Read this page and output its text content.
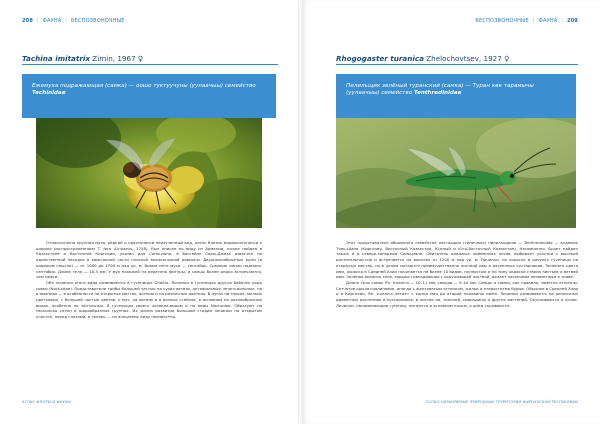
208 | ФАУНА | БЕСПОЗВОНОЧНЫЕ
Tachina imitatrix Zimin, 1967 ♀
Ежемуха подражающая (самка) — оошо туктуучуны (уулаачыы) семейство Tachinidae

Относительно крупная муха, редкий и практически неизученный вид, очень близок морфологически к широко распространённому T. fera (Linnaeus, 1758). Был описан по виду из Армении, позже найден в Казахстане и Восточной Киргизии, указан для Синьцзяна, в бассейне Сары-Джаза известен по единственной находке в межгорной части плоской высокогорной равнины. Двукрылообразные мухи (в широком смысле) — от 1000 до 1700 м над ур. м. Время лёта мухи — сентябрь. Средние линии надписи: сентября. Длина тела — 10,5 мм. У мух похожей на веретено фигуры, и самцы более редко встречаются, чем самки.

Обе личинки этого вида развиваются в гусеницах Ghaltia. Личинки в гусеницах других бабочек рода совки (Noctuidae). Представители трибы большей частью на сухих ветвях, антофильные, много-вольные, но в имениях — в особенности на открытых местах, осенью и на различных цветках. В лугах на злаках, мелких цветковых, с большей частью цветов, у мух, на ветвях и в разных стеблях, в основном на разнообразных видах, особенно на зонтичных. В гусеницах своего хозяина-видом и на виды Noctuidae. Образуют по несколько сотен в шарообразных группах. Их длина развития большой стадии личинки на открытом участке, перед глазами, а теперь — по внешнему виду неизвестно.

АТЛАС ФЛОРЫ И ФАУНЫ
БЕСПОЗВОНОЧНЫЕ | ФАУНА | 209
Rhogogaster turanica Zhelochovtsev, 1927 ♀
Пилильщик зелёный туранский (самка) — Туран көк тарамычы (уулаачыы) семейство Tenthredinidae

Этот представитель обширного семейства настоящих (типичных) пилильщиков — Tenthredinidae — эндемик Тянь-Шаня (Киргизия, Восточный Казахстан, Южный и Юго-Восточный Казахстан). Несомненно, будет найден также и в северо-западном Синьцзяне. Обитатель влажных пойменных лесов, выбирает участки с высокой растительностью и встречается на высотах от 1200 м над ур. м. Личинки, по окраске и рисунку гусеницы на открытых местах, но в целом питаются преимущественно листвой ивы и различных кустарников. Зелёного цвета ими, окраска в Средней Азии начинается не более 10 видов, полностью и по типу окраски ствола листьев и ветвей ивы. Зелёная окраска тела, хорошо совпадающая с окружающей листвой, делает насекомое незаметным в траве.

Длина тела самок Rh. turanica — 10–11 мм; самцов — 9–10 мм. Самцы и самки, как правило, заметно отличны. Сетчатое крыло гиалиновое, иногда с желтоватым оттенком, жилки и птеростигма бурые. Обычное в Средней Азии и в Киргизии, Rh. turanica летает с конца мая до второй половины июня. Личинки развиваются на различных древесных растениях и кустарниках, в листве ив, тополей, смородины и других растений. Окукливаются в почве. Личинки, напоминающие гусениц, питаются в основном ночью, а днём скрываются.

ОСОБО ОХРАНЯЕМЫЕ ПРИРОДНЫЕ ТЕРРИТОРИИ КЫРГЫЗСКОЙ РЕСПУБЛИКИ
